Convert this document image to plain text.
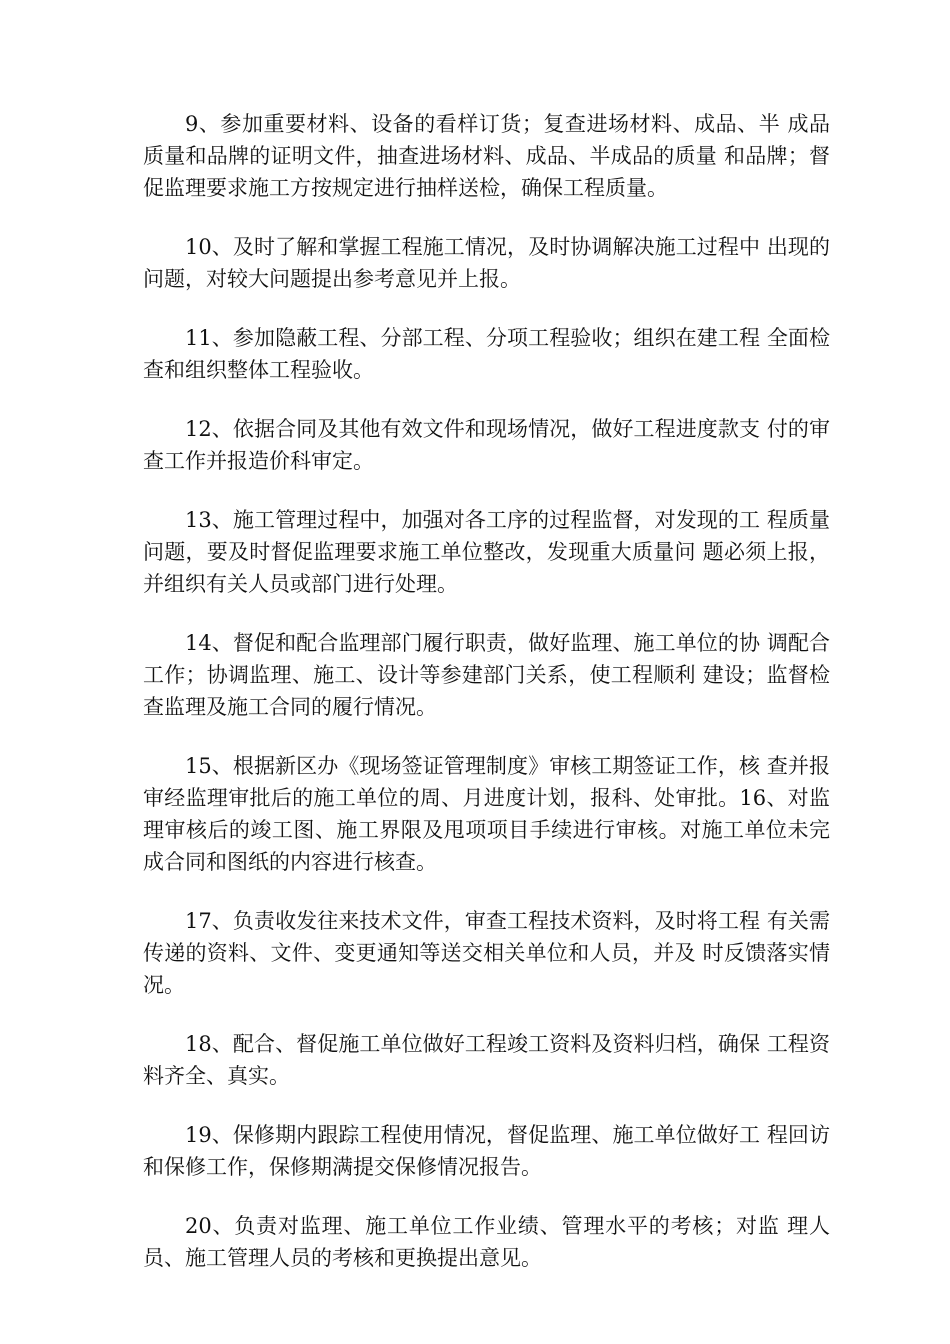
9、参加重要材料、设备的看样订货；复查进场材料、成品、半 成品质量和品牌的证明文件，抽查进场材料、成品、半成品的质量 和品牌；督促监理要求施工方按规定进行抽样送检，确保工程质量。

10、及时了解和掌握工程施工情况，及时协调解决施工过程中 出现的问题，对较大问题提出参考意见并上报。

11、参加隐蔽工程、分部工程、分项工程验收；组织在建工程 全面检查和组织整体工程验收。

12、依据合同及其他有效文件和现场情况，做好工程进度款支 付的审查工作并报造价科审定。

13、施工管理过程中，加强对各工序的过程监督，对发现的工 程质量问题，要及时督促监理要求施工单位整改，发现重大质量问 题必须上报，并组织有关人员或部门进行处理。

14、督促和配合监理部门履行职责，做好监理、施工单位的协 调配合工作；协调监理、施工、设计等参建部门关系，使工程顺利 建设；监督检查监理及施工合同的履行情况。

15、根据新区办《现场签证管理制度》审核工期签证工作，核 查并报审经监理审批后的施工单位的周、月进度计划，报科、处审批。16、对监理审核后的竣工图、施工界限及甩项项目手续进行审核。对施工单位未完成合同和图纸的内容进行核查。

17、负责收发往来技术文件，审查工程技术资料，及时将工程 有关需传递的资料、文件、变更通知等送交相关单位和人员，并及 时反馈落实情况。

18、配合、督促施工单位做好工程竣工资料及资料归档，确保 工程资料齐全、真实。

19、保修期内跟踪工程使用情况，督促监理、施工单位做好工 程回访和保修工作，保修期满提交保修情况报告。

20、负责对监理、施工单位工作业绩、管理水平的考核；对监 理人员、施工管理人员的考核和更换提出意见。
